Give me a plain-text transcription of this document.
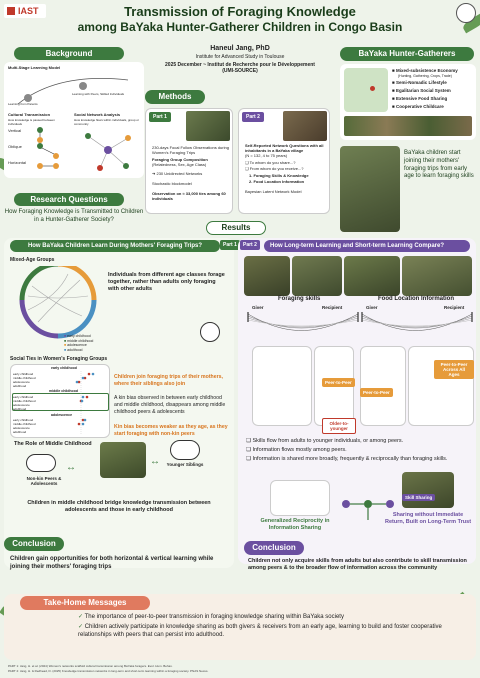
IAST	Transmission of Foraging Knowledge
among BaYaka Hunter-Gatherer Children in Congo Basin
Background
Multi-Stage Learning Model
Learning from Parents
Learning with Peers, Skilled Individuals
Cultural Transmission
How knowledge is passed between individuals
Social Network Analysis
How knowledge flows within individuals, group or community
Vertical
Oblique
Horizontal
Research Questions
How Foraging Knowledge is Transmitted to Children in a Hunter-Gatherer Society?
Haneul Jang, PhD
Institute for Advanced Study in Toulouse
2025 December ~ Institut de Recherche pour le Développement
(UMI-SOURCE)
Methods
Part 1
230-days Focal Follow Observations during Women's Foraging Trips
Foraging Group Composition
(Relatedness, Sex, Age Class)
➔ 230 Unidirected Networks
Stochastic blockmodel
Observation on ≈ 33,000 ties among 60 individuals
Part 2
Self-Reported Network Questions with all inhabitants in a BaYaka village
(N = 132, 4 to 75 years)
❏ To whom do you share...?
❏ From whom do you receive...?
1. Foraging Skills & Knowledge
2. Food Location Information
Bayesian Latent Network Model
Results
BaYaka Hunter-Gatherers
■ Mixed-subsistence Economy
(Hunting, Gathering, Crops, Trade)
■ Semi-Nomadic Lifestyle
■ Egalitarian Social System
■ Extensive Food Sharing
■ Cooperative Childcare
BaYaka children start joining their mothers' foraging trips from early age to learn foraging skills
How BaYaka Children Learn During Mothers' Foraging Trips?	Part 1
Mixed-Age Groups
■ early childhood
■ middle childhood
■ adolescence
■ adulthood
Individuals from different age classes forage together, rather than adults only foraging with other adults
Social Ties in Women's Foraging Groups
early childhood
early childhood
middle childhood
adolescence
adulthood
middle childhood
early childhood
middle childhood
adolescence
adulthood
adolescence
early childhood
middle childhood
adolescence
adulthood
Children join foraging trips of their mothers, where their siblings also join
A kin bias observed in between early childhood and middle childhood, disappears among middle childhood peers & adolescents
Kin bias becomes weaker as they age, as they start foraging with non-kin peers
The Role of Middle Childhood
Non-kin Peers & Adolescents
Younger Siblings
↔
↔
Children in middle childhood bridge knowledge transmission between adolescents and those in early childhood
Conclusion
Children gain opportunities for both horizontal & vertical learning while joining their mothers' foraging trips
Part 2	How Long-term Learning and Short-term Learning Compare?
Foraging skills	Food Location Information
Giver	Recipient	Giver	Recipient
Peer-to-Peer
Older-to-younger
Peer-to-Peer
Peer-to-Peer Across All Ages
❏ Skills flow from adults to younger individuals, or among peers.
❏ Information flows mostly among peers.
❏ Information is shared more broadly, frequently & reciprocally than foraging skills.
Skill Sharing
Generalized Reciprocity in Information Sharing
Sharing without Immediate Return, Built on Long-Term Trust
Conclusion
Children not only acquire skills from adults but also contribute to skill transmission among peers & to the broader flow of information across the community
Take-Home Messages
✓ The importance of peer-to-peer transmission in foraging knowledge sharing within BaYaka society
✓ Children actively participate in knowledge sharing as both givers & receivers from an early age, learning to build and foster cooperative relationships with peers that can persist into adulthood.
PART 1: Jang, H. et al. (2024) Women's networks scaffold cultural transmission among BaYaka foragers. Evol. Hum. Behav.
PART 2: Jang, H. & Redhead, D. (2025) Knowledge transmission networks in long-term and short-term learning within a foraging society. PNAS Nexus.
